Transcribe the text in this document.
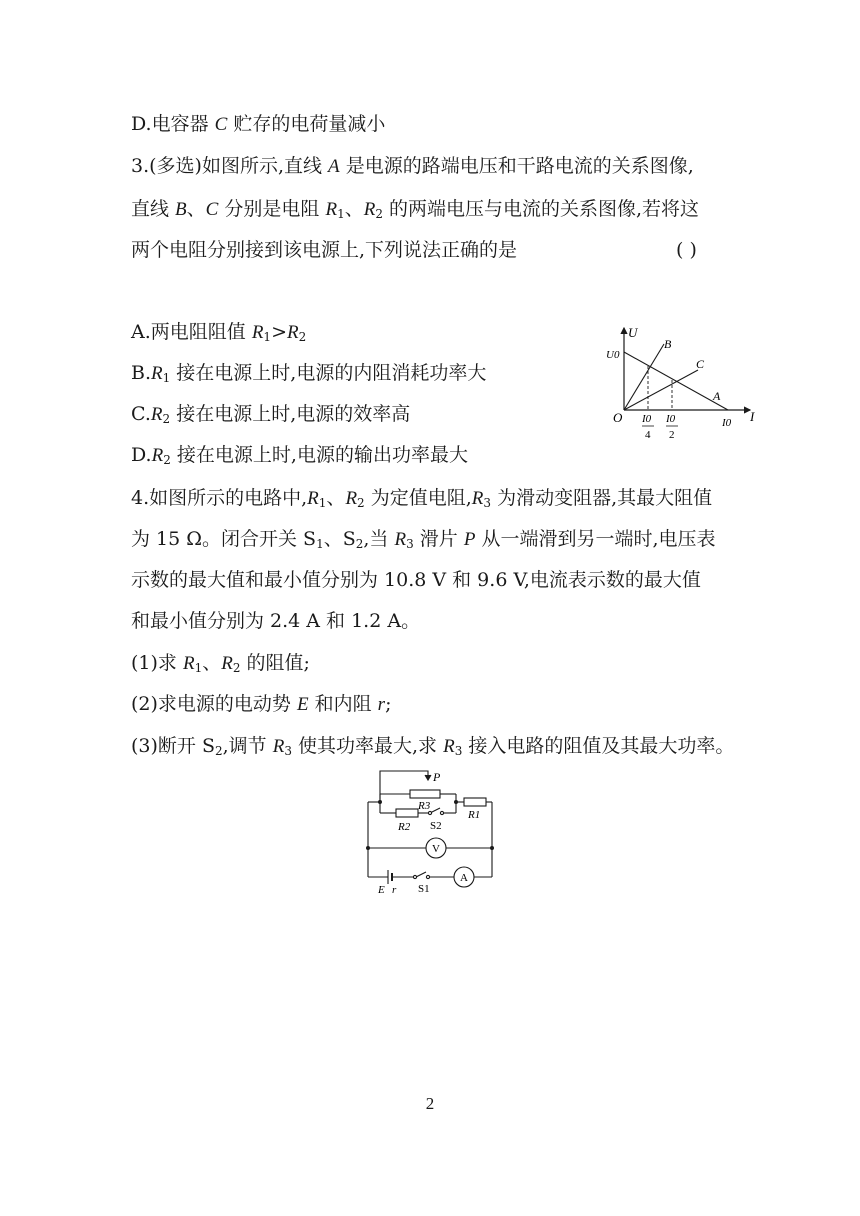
D.电容器 C 贮存的电荷量减小
3.(多选)如图所示,直线 A 是电源的路端电压和干路电流的关系图像,
直线 B、C 分别是电阻 $R_1$、$R_2$ 的两端电压与电流的关系图像,若将这
两个电阻分别接到该电源上,下列说法正确的是	( )
A.两电阻阻值 $R_1>R_2$
$B.R_1$ 接在电源上时,电源的内阻消耗功率大
$C.R_2$ 接在电源上时,电源的效率高
$D.R_2$ 接在电源上时,电源的输出功率最大
U
I
O
U0
I0
A
B
C
I0
4
I0
2
4.如图所示的电路中$,R_1$、$R_2$ 为定值电阻$,R_3$ 为滑动变阻器,其最大阻值
为 15 Ω。闭合开关 $S_1$、$S_2$,当 $R_3$ 滑片 P 从一端滑到另一端时,电压表
示数的最大值和最小值分别为 10.8 V 和 9.6 V,电流表示数的最大值
和最小值分别为 2.4 A 和 1.2 A。
(1)求 $R_1$、$R_2$ 的阻值;
(2)求电源的电动势 E 和内阻 r;
(3)断开 $S_2$,调节 $R_3$ 使其功率最大,求 $R_3$ 接入电路的阻值及其最大功率。
P
R3
R2 S2
R1
V
A
E r S1
2
